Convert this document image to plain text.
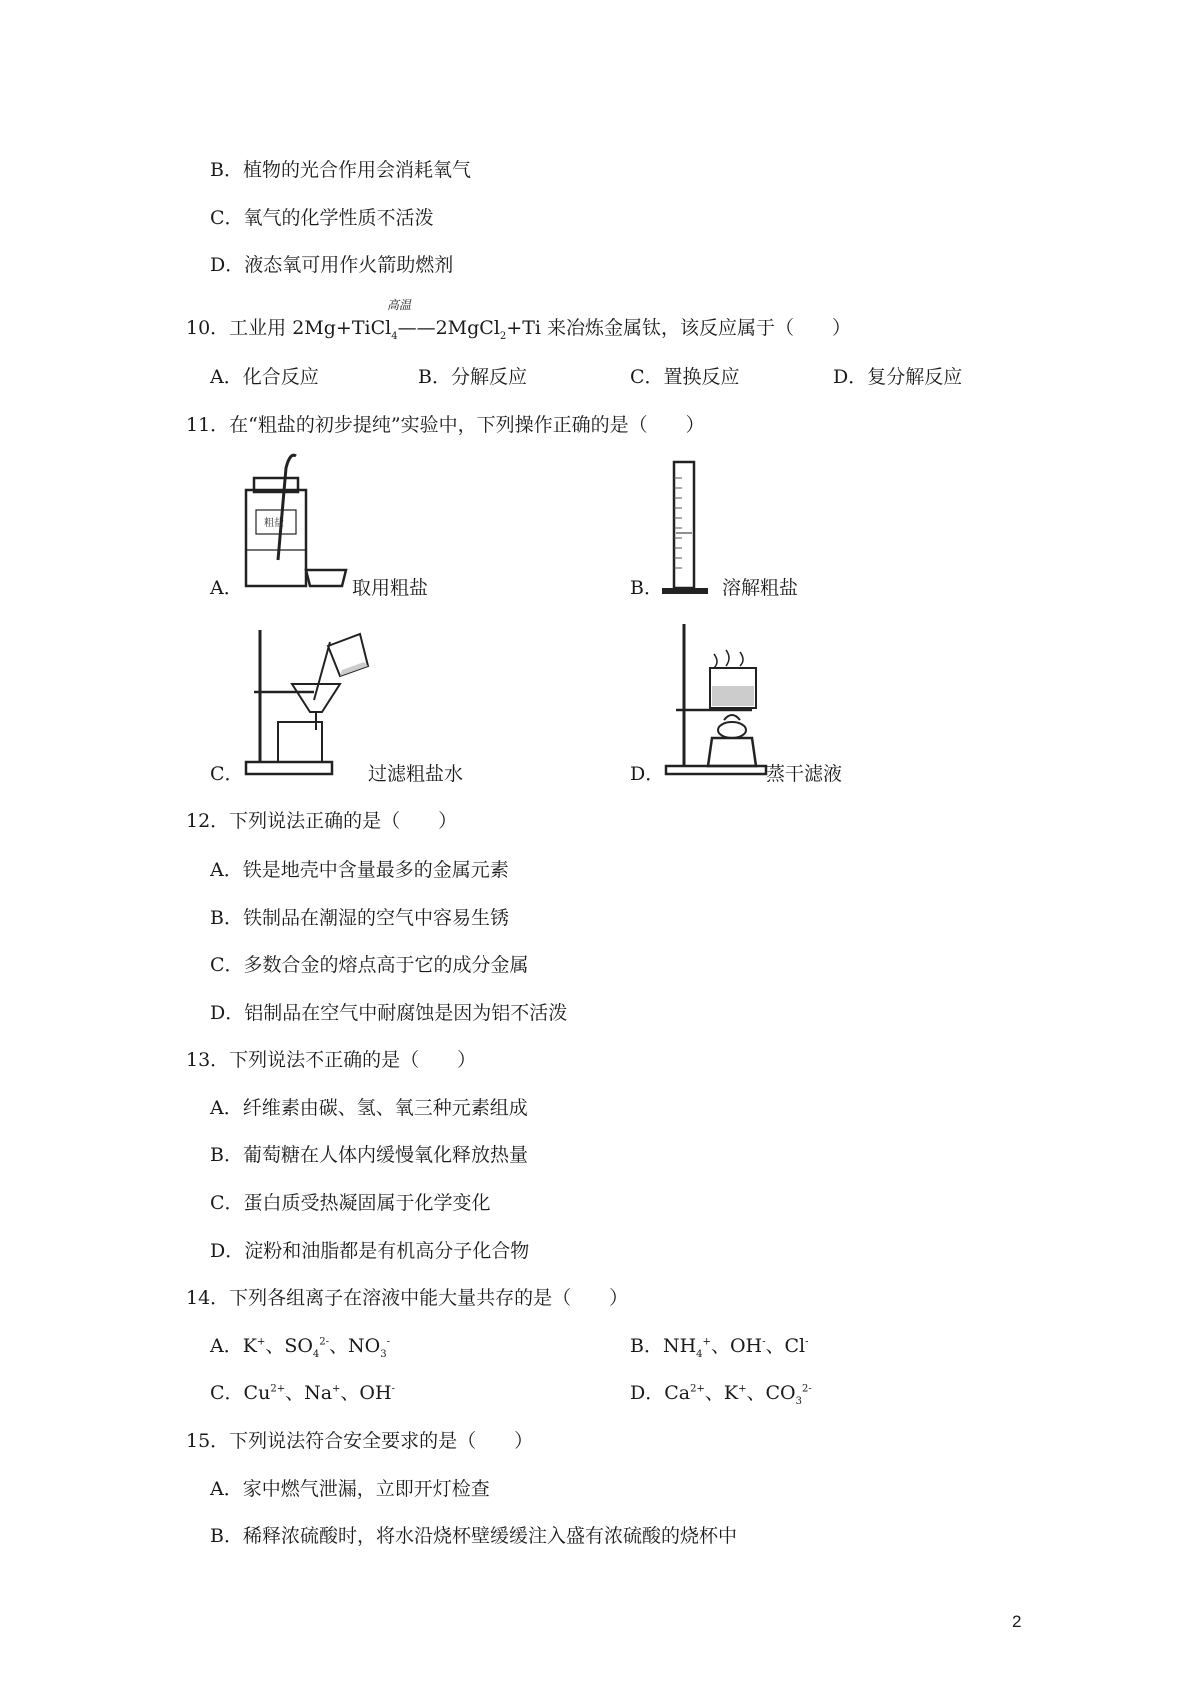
B．植物的光合作用会消耗氧气
C．氧气的化学性质不活泼
D．液态氧可用作火箭助燃剂
10．工业用 2Mg+TiCl$_4$——2MgCl$_2$+Ti 来冶炼金属钛，该反应属于（　　）
高温
A．化合反应	B．分解反应	C．置换反应	D．复分解反应
11．在“粗盐的初步提纯”实验中，下列操作正确的是（　　）
粗盐
A．	取用粗盐	B．	溶解粗盐
C．	过滤粗盐水	D．	蒸干滤液
12．下列说法正确的是（　　）
A．铁是地壳中含量最多的金属元素
B．铁制品在潮湿的空气中容易生锈
C．多数合金的熔点高于它的成分金属
D．铝制品在空气中耐腐蚀是因为铝不活泼
13．下列说法不正确的是（　　）
A．纤维素由碳、氢、氧三种元素组成
B．葡萄糖在人体内缓慢氧化释放热量
C．蛋白质受热凝固属于化学变化
D．淀粉和油脂都是有机高分子化合物
14．下列各组离子在溶液中能大量共存的是（　　）
A．K+、$SO_4^{2-}$、$NO_3^-$	B．$NH_4^+$、OH-、Cl-
C．$Cu^{2+}$、Na+、OH-	D．$Ca^{2+}$、K+、$CO_3^{2-}$
15．下列说法符合安全要求的是（　　）
A．家中燃气泄漏，立即开灯检查
B．稀释浓硫酸时，将水沿烧杯壁缓缓注入盛有浓硫酸的烧杯中
2
